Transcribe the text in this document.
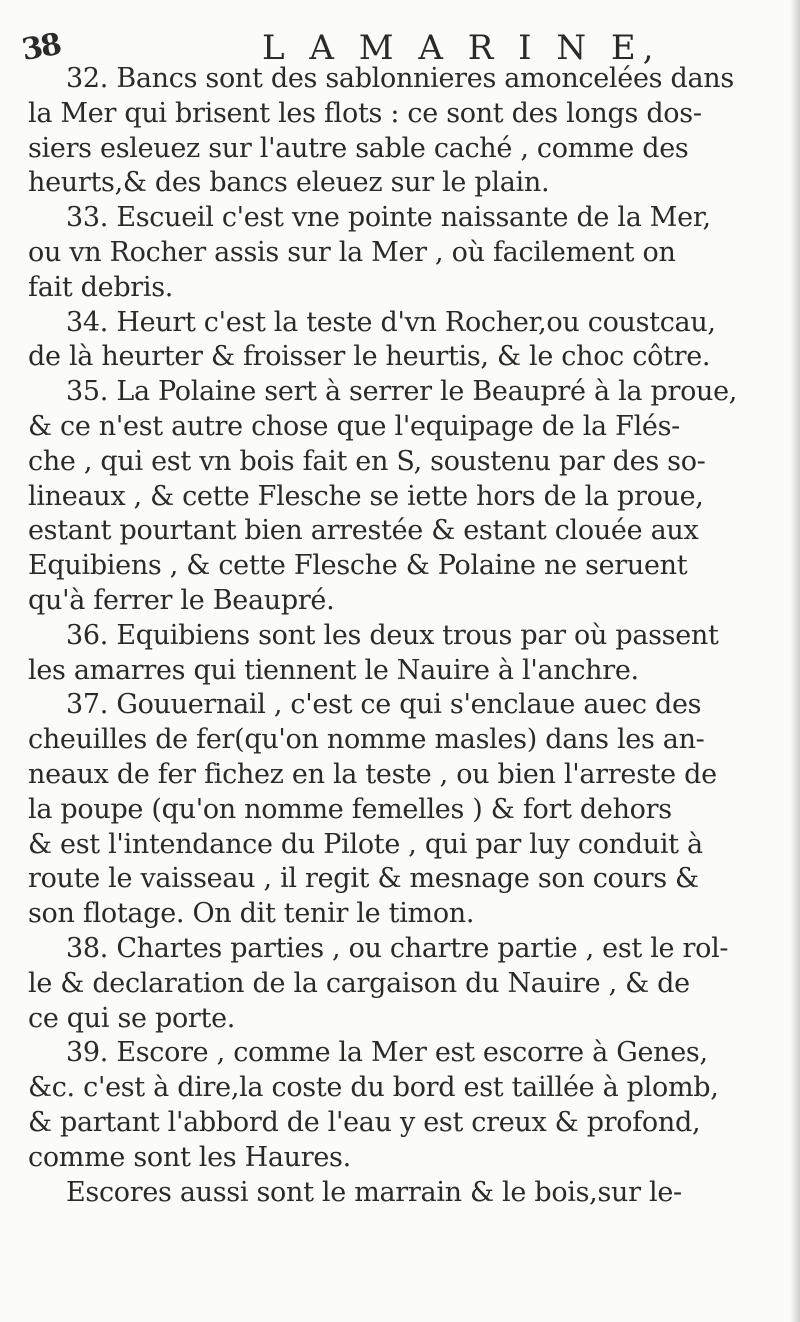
38	L A M A R I N E,
32. Bancs sont des sablonnieres amoncelées dans
la Mer qui brisent les flots : ce sont des longs dos-
siers esleuez sur l'autre sable caché , comme des
heurts,& des bancs eleuez sur le plain.
33. Escueil c'est vne pointe naissante de la Mer,
ou vn Rocher assis sur la Mer , où facilement on
fait debris.
34. Heurt c'est la teste d'vn Rocher,ou coustcau,
de là heurter & froisser le heurtis, & le choc côtre.
35. La Polaine sert à serrer le Beaupré à la proue,
& ce n'est autre chose que l'equipage de la Flés-
che , qui est vn bois fait en S, soustenu par des so-
lineaux , & cette Flesche se iette hors de la proue,
estant pourtant bien arrestée & estant clouée aux
Equibiens , & cette Flesche & Polaine ne seruent
qu'à ferrer le Beaupré.
36. Equibiens sont les deux trous par où passent
les amarres qui tiennent le Nauire à l'anchre.
37. Gouuernail , c'est ce qui s'enclaue auec des
cheuilles de fer(qu'on nomme masles) dans les an-
neaux de fer fichez en la teste , ou bien l'arreste de
la poupe (qu'on nomme femelles ) & fort dehors
& est l'intendance du Pilote , qui par luy conduit à
route le vaisseau , il regit & mesnage son cours &
son flotage. On dit tenir le timon.
38. Chartes parties , ou chartre partie , est le rol-
le & declaration de la cargaison du Nauire , & de
ce qui se porte.
39. Escore , comme la Mer est escorre à Genes,
&c. c'est à dire,la coste du bord est taillée à plomb,
& partant l'abbord de l'eau y est creux & profond,
comme sont les Haures.
Escores aussi sont le marrain & le bois,sur le-
